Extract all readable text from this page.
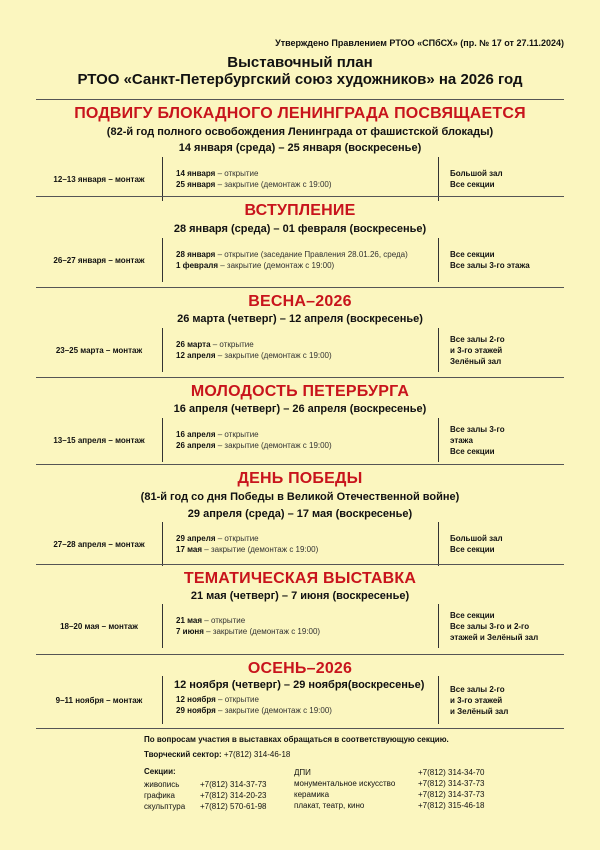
Утверждено Правлением РТОО «СПбСХ» (пр. № 17 от 27.11.2024)
Выставочный план
РТОО «Санкт-Петербургский союз художников» на 2026 год
ПОДВИГУ БЛОКАДНОГО ЛЕНИНГРАДА ПОСВЯЩАЕТСЯ
(82-й год полного освобождения Ленинграда от фашистской блокады)
14 января (среда) – 25 января (воскресенье)
12–13 января – монтаж
14 января – открытие
25 января – закрытие (демонтаж с 19:00)
Большой зал
Все секции
ВСТУПЛЕНИЕ
28 января (среда) – 01 февраля (воскресенье)
26–27 января – монтаж
28 января – открытие (заседание Правления 28.01.26, среда)
1 февраля – закрытие (демонтаж с 19:00)
Все секции
Все залы 3-го этажа
ВЕСНА–2026
26 марта (четверг) – 12 апреля (воскресенье)
23–25 марта – монтаж
26 марта – открытие
12 апреля – закрытие (демонтаж с 19:00)
Все залы 2-го
и 3-го этажей
Зелёный зал
МОЛОДОСТЬ ПЕТЕРБУРГА
16 апреля (четверг) – 26 апреля (воскресенье)
13–15 апреля – монтаж
16 апреля – открытие
26 апреля – закрытие (демонтаж с 19:00)
Все залы 3-го
этажа
Все секции
ДЕНЬ ПОБЕДЫ
(81-й год со дня Победы в Великой Отечественной войне)
29 апреля (среда) – 17 мая (воскресенье)
27–28 апреля – монтаж
29 апреля – открытие
17 мая – закрытие (демонтаж с 19:00)
Большой зал
Все секции
ТЕМАТИЧЕСКАЯ ВЫСТАВКА
21 мая (четверг) – 7 июня (воскресенье)
18–20 мая – монтаж
21 мая – открытие
7 июня – закрытие (демонтаж с 19:00)
Все секции
Все залы 3-го и 2-го
этажей и Зелёный зал
ОСЕНЬ–2026
9–11 ноября – монтаж
12 ноября (четверг) – 29 ноября(воскресенье)
12 ноября – открытие
29 ноября – закрытие (демонтаж с 19:00)
Все залы 2-го
и 3-го этажей
и Зелёный зал
По вопросам участия в выставках обращаться в соответствующую секцию.
Творческий сектор: +7(812) 314-46-18
Секции:
живопись
графика
скульптура
+7(812) 314-37-73
+7(812) 314-20-23
+7(812) 570-61-98
ДПИ
монументальное искусство
керамика
плакат, театр, кино
+7(812) 314-34-70
+7(812) 314-37-73
+7(812) 314-37-73
+7(812) 315-46-18
